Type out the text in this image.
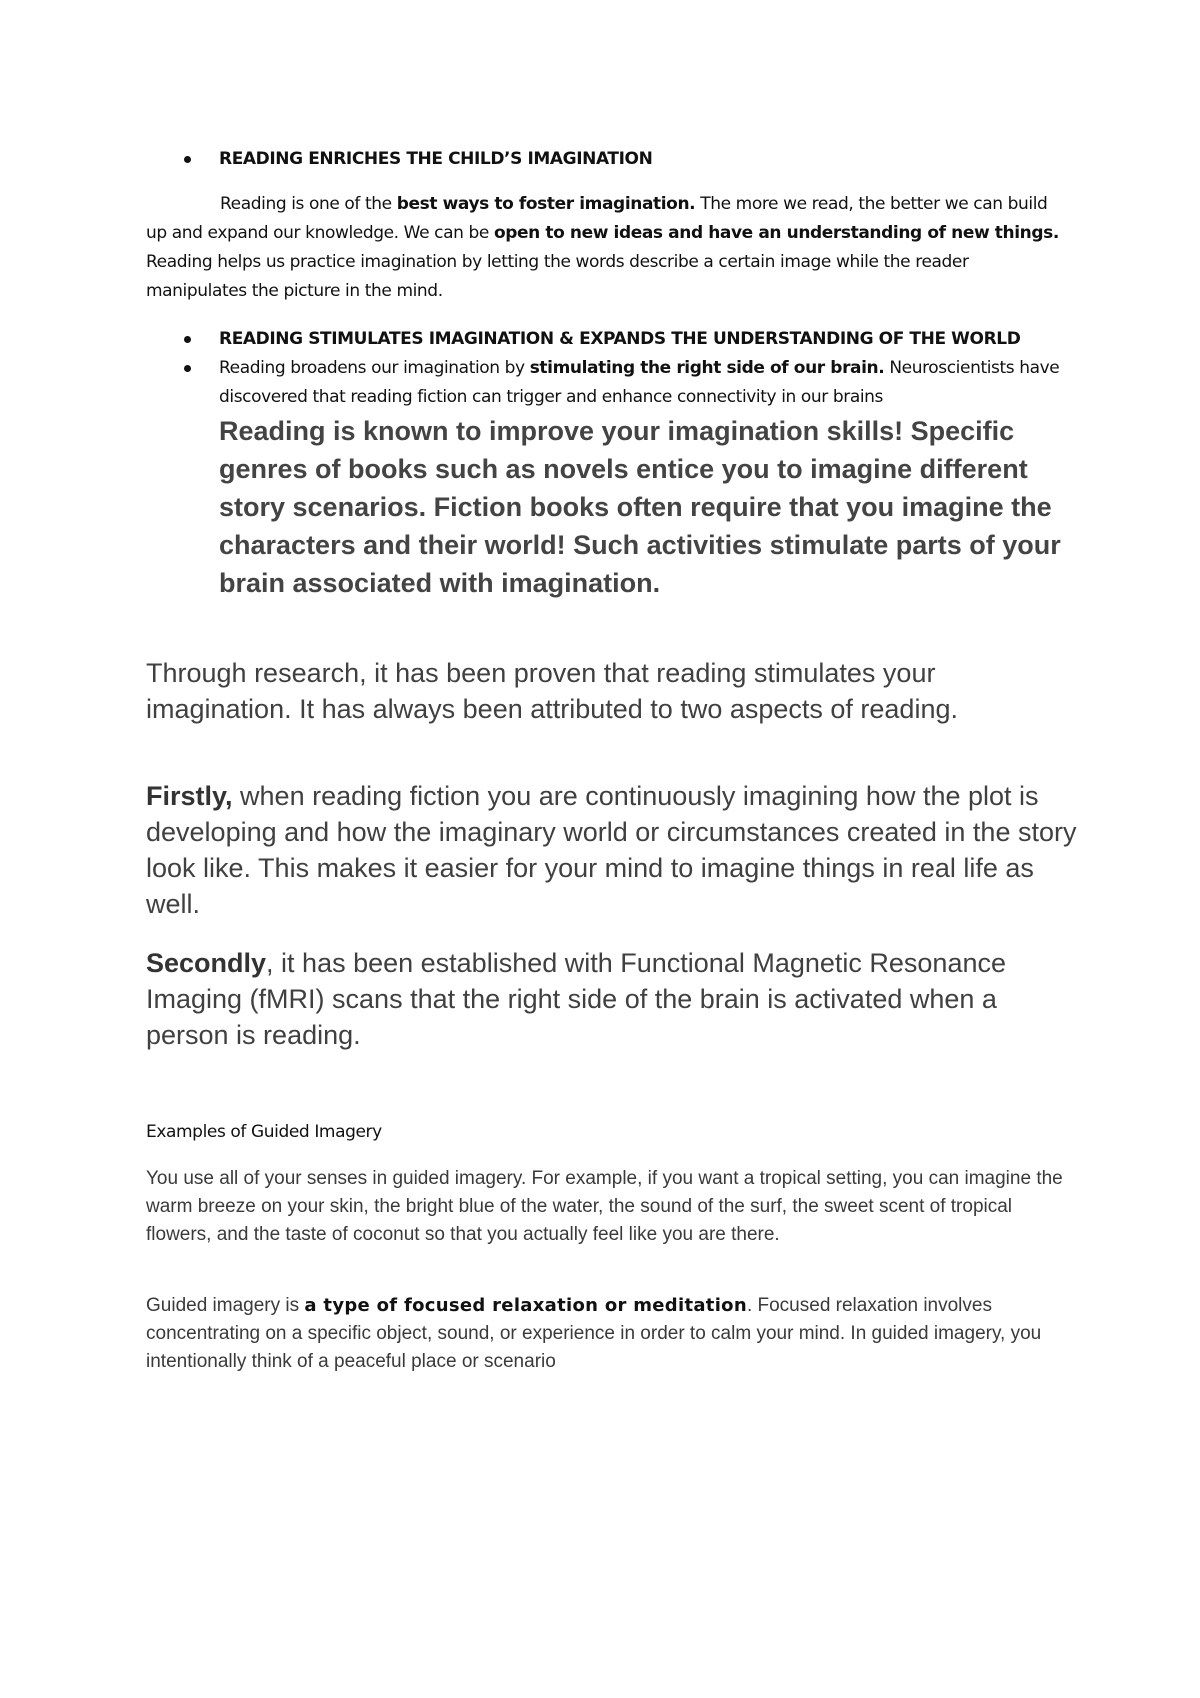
READING ENRICHES THE CHILD’S IMAGINATION

Reading is one of the best ways to foster imagination. The more we read, the better we can build up and expand our knowledge. We can be open to new ideas and have an understanding of new things. Reading helps us practice imagination by letting the words describe a certain image while the reader manipulates the picture in the mind.

READING STIMULATES IMAGINATION & EXPANDS THE UNDERSTANDING OF THE WORLD
Reading broadens our imagination by stimulating the right side of our brain. Neuroscientists have discovered that reading fiction can trigger and enhance connectivity in our brains
Reading is known to improve your imagination skills! Specific genres of books such as novels entice you to imagine different story scenarios. Fiction books often require that you imagine the characters and their world! Such activities stimulate parts of your brain associated with imagination.
Through research, it has been proven that reading stimulates your imagination. It has always been attributed to two aspects of reading.
Firstly, when reading fiction you are continuously imagining how the plot is developing and how the imaginary world or circumstances created in the story look like. This makes it easier for your mind to imagine things in real life as well.
Secondly, it has been established with Functional Magnetic Resonance Imaging (fMRI) scans that the right side of the brain is activated when a person is reading.
Examples of Guided Imagery
You use all of your senses in guided imagery. For example, if you want a tropical setting, you can imagine the warm breeze on your skin, the bright blue of the water, the sound of the surf, the sweet scent of tropical flowers, and the taste of coconut so that you actually feel like you are there.
Guided imagery is a type of focused relaxation or meditation. Focused relaxation involves concentrating on a specific object, sound, or experience in order to calm your mind. In guided imagery, you intentionally think of a peaceful place or scenario
